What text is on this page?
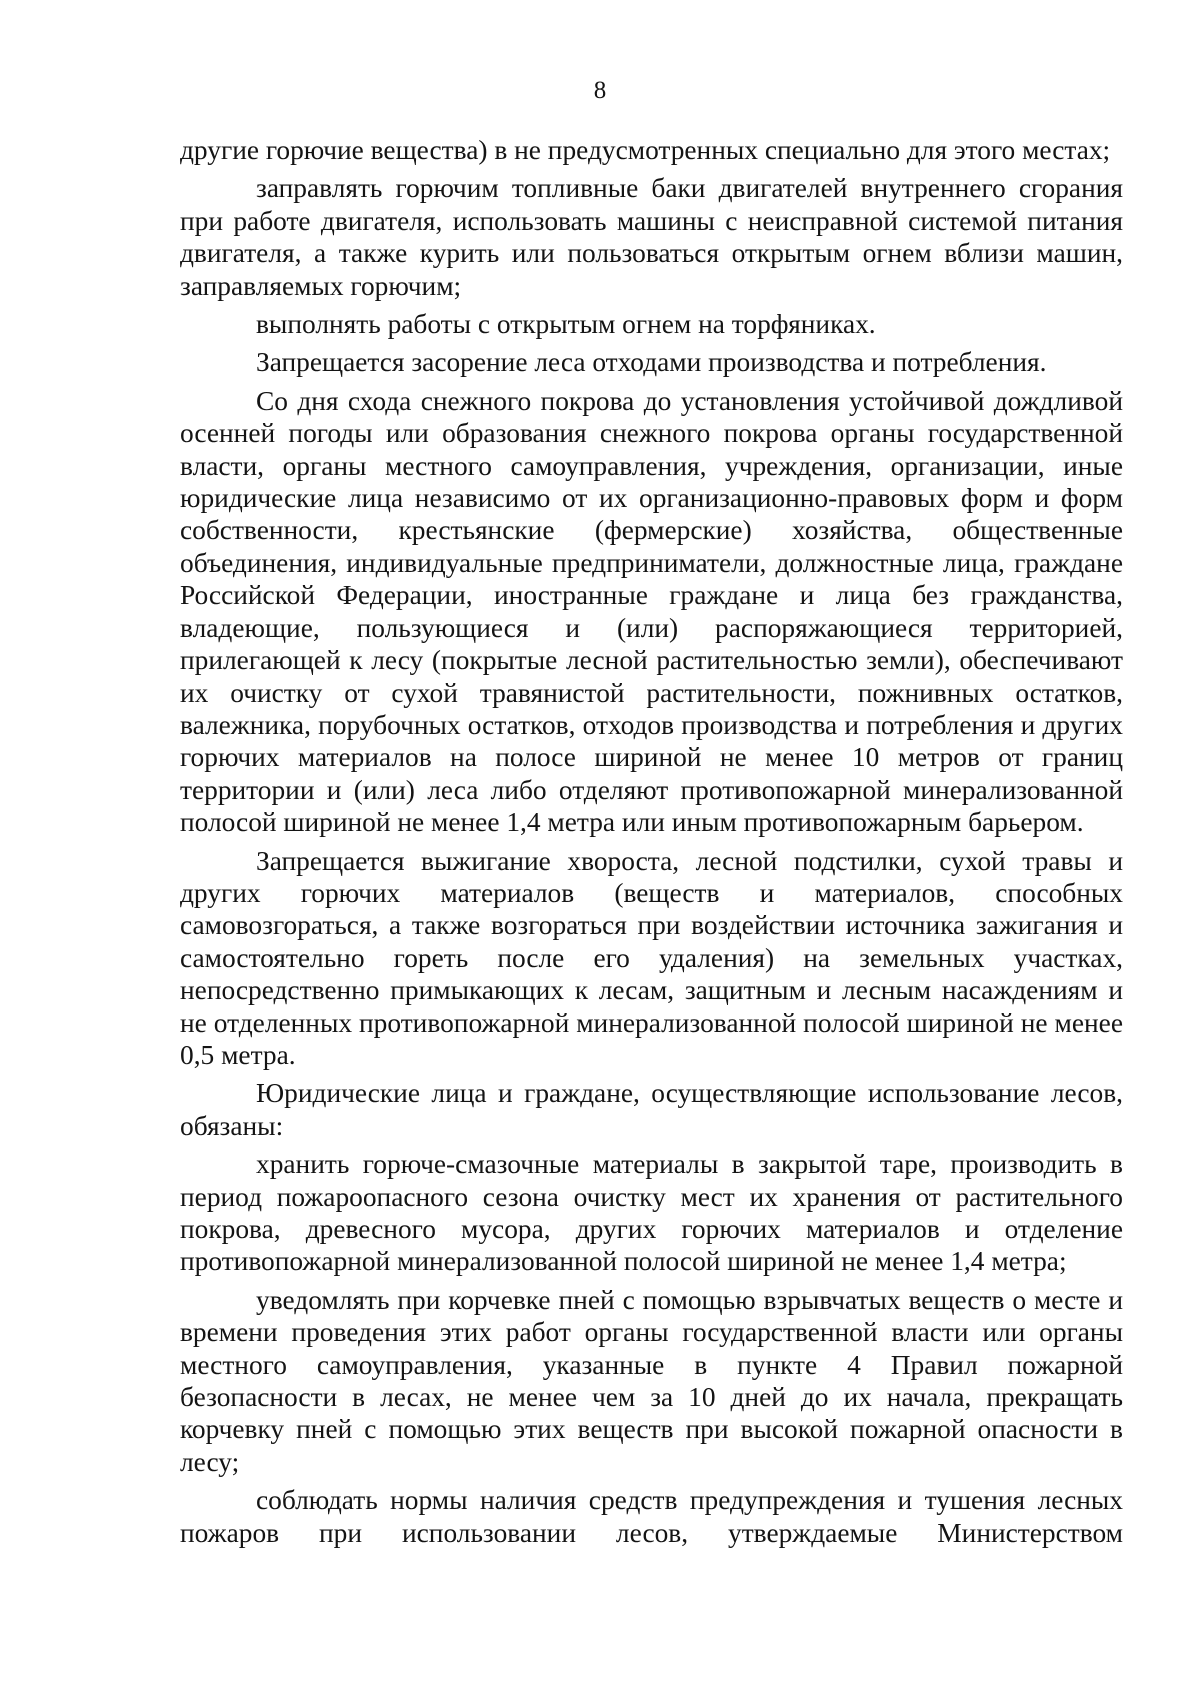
8

другие горючие вещества) в не предусмотренных специально для этого местах;

заправлять горючим топливные баки двигателей внутреннего сгорания при работе двигателя, использовать машины с неисправной системой питания двигателя, а также курить или пользоваться открытым огнем вблизи машин, заправляемых горючим;

выполнять работы с открытым огнем на торфяниках.

Запрещается засорение леса отходами производства и потребления.

Со дня схода снежного покрова до установления устойчивой дождливой осенней погоды или образования снежного покрова органы государственной власти, органы местного самоуправления, учреждения, организации, иные юридические лица независимо от их организационно-правовых форм и форм собственности, крестьянские (фермерские) хозяйства, общественные объединения, индивидуальные предприниматели, должностные лица, граждане Российской Федерации, иностранные граждане и лица без гражданства, владеющие, пользующиеся и (или) распоряжающиеся территорией, прилегающей к лесу (покрытые лесной растительностью земли), обеспечивают их очистку от сухой травянистой растительности, пожнивных остатков, валежника, порубочных остатков, отходов производства и потребления и других горючих материалов на полосе шириной не менее 10 метров от границ территории и (или) леса либо отделяют противопожарной минерализованной полосой шириной не менее 1,4 метра или иным противопожарным барьером.

Запрещается выжигание хвороста, лесной подстилки, сухой травы и других горючих материалов (веществ и материалов, способных самовозгораться, а также возгораться при воздействии источника зажигания и самостоятельно гореть после его удаления) на земельных участках, непосредственно примыкающих к лесам, защитным и лесным насаждениям и не отделенных противопожарной минерализованной полосой шириной не менее 0,5 метра.

Юридические лица и граждане, осуществляющие использование лесов, обязаны:

хранить горюче-смазочные материалы в закрытой таре, производить в период пожароопасного сезона очистку мест их хранения от растительного покрова, древесного мусора, других горючих материалов и отделение противопожарной минерализованной полосой шириной не менее 1,4 метра;

уведомлять при корчевке пней с помощью взрывчатых веществ о месте и времени проведения этих работ органы государственной власти или органы местного самоуправления, указанные в пункте 4 Правил пожарной безопасности в лесах, не менее чем за 10 дней до их начала, прекращать корчевку пней с помощью этих веществ при высокой пожарной опасности в лесу;

соблюдать нормы наличия средств предупреждения и тушения лесных пожаров при использовании лесов, утверждаемые Министерством
